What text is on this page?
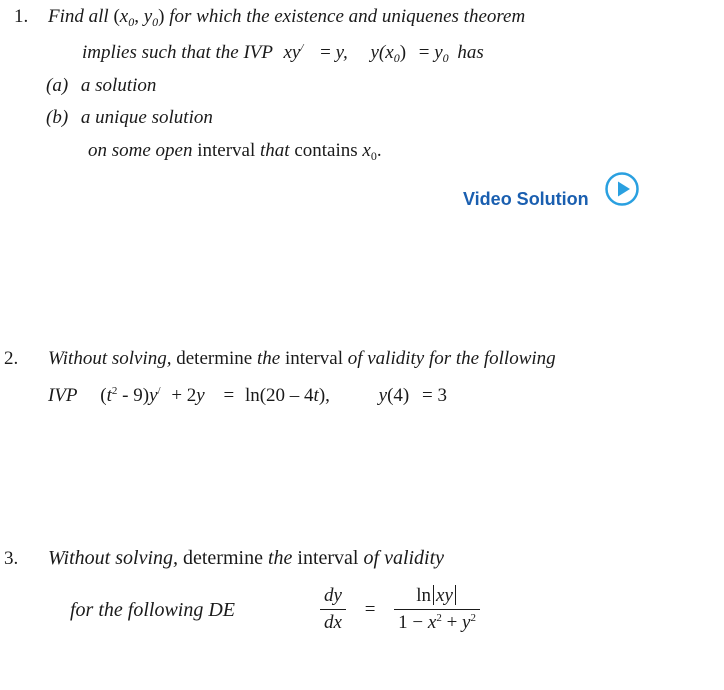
1. Find all ($x_0$, $y_0$) for which the existence and uniquenes theorem
implies such that the IVP xy/ = y, $y(x_0) = y_0$ has
(a) a solution
(b) a unique solution
on some open interval that contains $x_0$.
Video Solution
2. Without solving, determine the interval of validity for the following
IVP $(t^2 - 9)y^/ + 2y = \ln(20 - 4t)$,	y(4) = 3
3. Without solving, determine the interval of validity
for the following DE	$\frac{dy}{dx} = \frac{\text{ln xy}}{1 - x^2 + y^2}$
